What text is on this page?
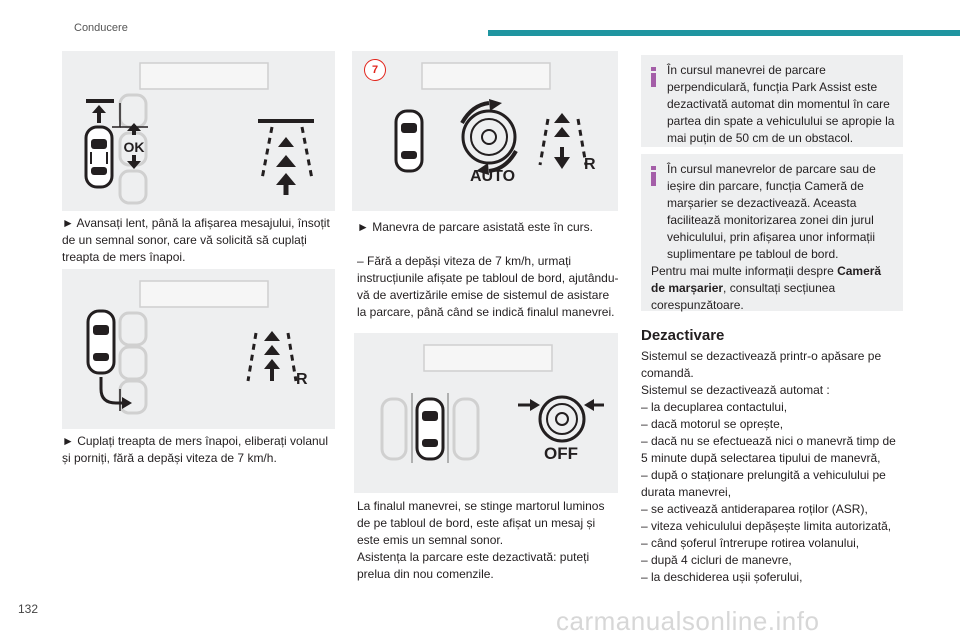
Conducere
132	carmanualsonline.info
OK

► Avansați lent, până la afișarea mesajului, însoțit de un semnal sonor, care vă solicită să cuplați treapta de mers înapoi.

R

► Cuplați treapta de mers înapoi, eliberați volanul și porniți, fără a depăși viteza de 7 km/h.

7
AUTO
R

► Manevra de parcare asistată este în curs.

– Fără a depăși viteza de 7 km/h, urmați instrucțiunile afișate pe tabloul de bord, ajutându-vă de avertizările emise de sistemul de asistare la parcare, până când se indică finalul manevrei.

OFF

La finalul manevrei, se stinge martorul luminos de pe tabloul de bord, este afișat un mesaj și este emis un semnal sonor.

Asistența la parcare este dezactivată: puteți prelua din nou comenzile.

În cursul manevrei de parcare perpendiculară, funcția Park Assist este dezactivată automat din momentul în care partea din spate a vehiculului se apropie la mai puțin de 50 cm de un obstacol.

În cursul manevrelor de parcare sau de ieșire din parcare, funcția Cameră de marșarier se dezactivează. Aceasta facilitează monitorizarea zonei din jurul vehiculului, prin afișarea unor informații suplimentare pe tabloul de bord.

Pentru mai multe informații despre Cameră de marșarier, consultați secțiunea corespunzătoare.

Dezactivare

Sistemul se dezactivează printr-o apăsare pe comandă.

Sistemul se dezactivează automat :

– la decuplarea contactului,

– dacă motorul se oprește,

– dacă nu se efectuează nici o manevră timp de 5 minute după selectarea tipului de manevră,

– după o staționare prelungită a vehiculului pe durata manevrei,

– se activează antideraparea roților (ASR),

– viteza vehiculului depășește limita autorizată,

– când șoferul întrerupe rotirea volanului,

– după 4 cicluri de manevre,

– la deschiderea ușii șoferului,
